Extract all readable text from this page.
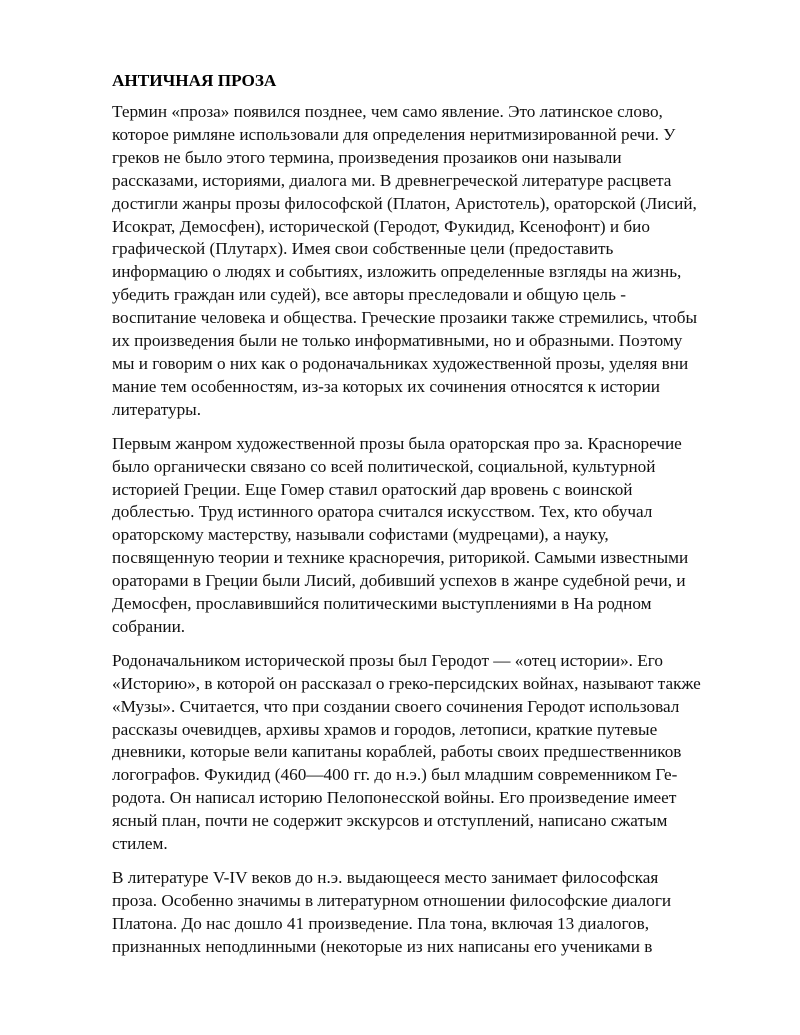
АНТИЧНАЯ ПРОЗА
Термин «проза» появился позднее, чем само явление. Это латинское слово,
которое римляне использовали для определения неритмизированной речи. У
греков не было этого термина, произведения прозаиков они называли
рассказами, историями, диалога ми. В древнегреческой литературе расцвета
достигли жанры прозы философской (Платон, Аристотель), ораторской (Лисий,
Исократ, Демосфен), исторической (Геродот, Фукидид, Ксенофонт) и био
графической (Плутарх). Имея свои собственные цели (предоставить
информацию о людях и событиях, изложить определенные взгляды на жизнь,
убедить граждан или судей), все авторы преследовали и общую цель -
воспитание человека и общества. Греческие прозаики также стремились, чтобы
их произведения были не только информативными, но и образными. Поэтому
мы и говорим о них как о родоначальниках художественной прозы, уделяя вни
мание тем особенностям, из-за которых их сочинения относятся к истории
литературы.
Первым жанром художественной прозы была ораторская про за. Красноречие
было органически связано со всей политической, социальной, культурной
историей Греции. Еще Гомер ставил оратоский дар вровень с воинской
доблестью. Труд истинного оратора считался искусством. Тех, кто обучал
ораторскому мастерству, называли софистами (мудрецами), а науку,
посвященную теории и технике красноречия, риторикой. Самыми известными
ораторами в Греции были Лисий, добивший успехов в жанре судебной речи, и
Демосфен, прославившийся политическими выступлениями в На родном
собрании.
Родоначальником исторической прозы был Геродот — «отец истории». Его
«Историю», в которой он рассказал о греко-персидских войнах, называют также
«Музы». Считается, что при создании своего сочинения Геродот использовал
рассказы очевидцев, архивы храмов и городов, летописи, краткие путевые
дневники, которые вели капитаны кораблей, работы своих предшественников
логографов. Фукидид (460—400 гг. до н.э.) был младшим современником Ге-
родота. Он написал историю Пелопонесской войны. Его произведение имеет
ясный план, почти не содержит экскурсов и отступлений, написано сжатым
стилем.
В литературе V-IV веков до н.э. выдающееся место занимает философская
проза. Особенно значимы в литературном отношении философские диалоги
Платона. До нас дошло 41 произведение. Пла тона, включая 13 диалогов,
признанных неподлинными (некоторые из них написаны его учениками в
